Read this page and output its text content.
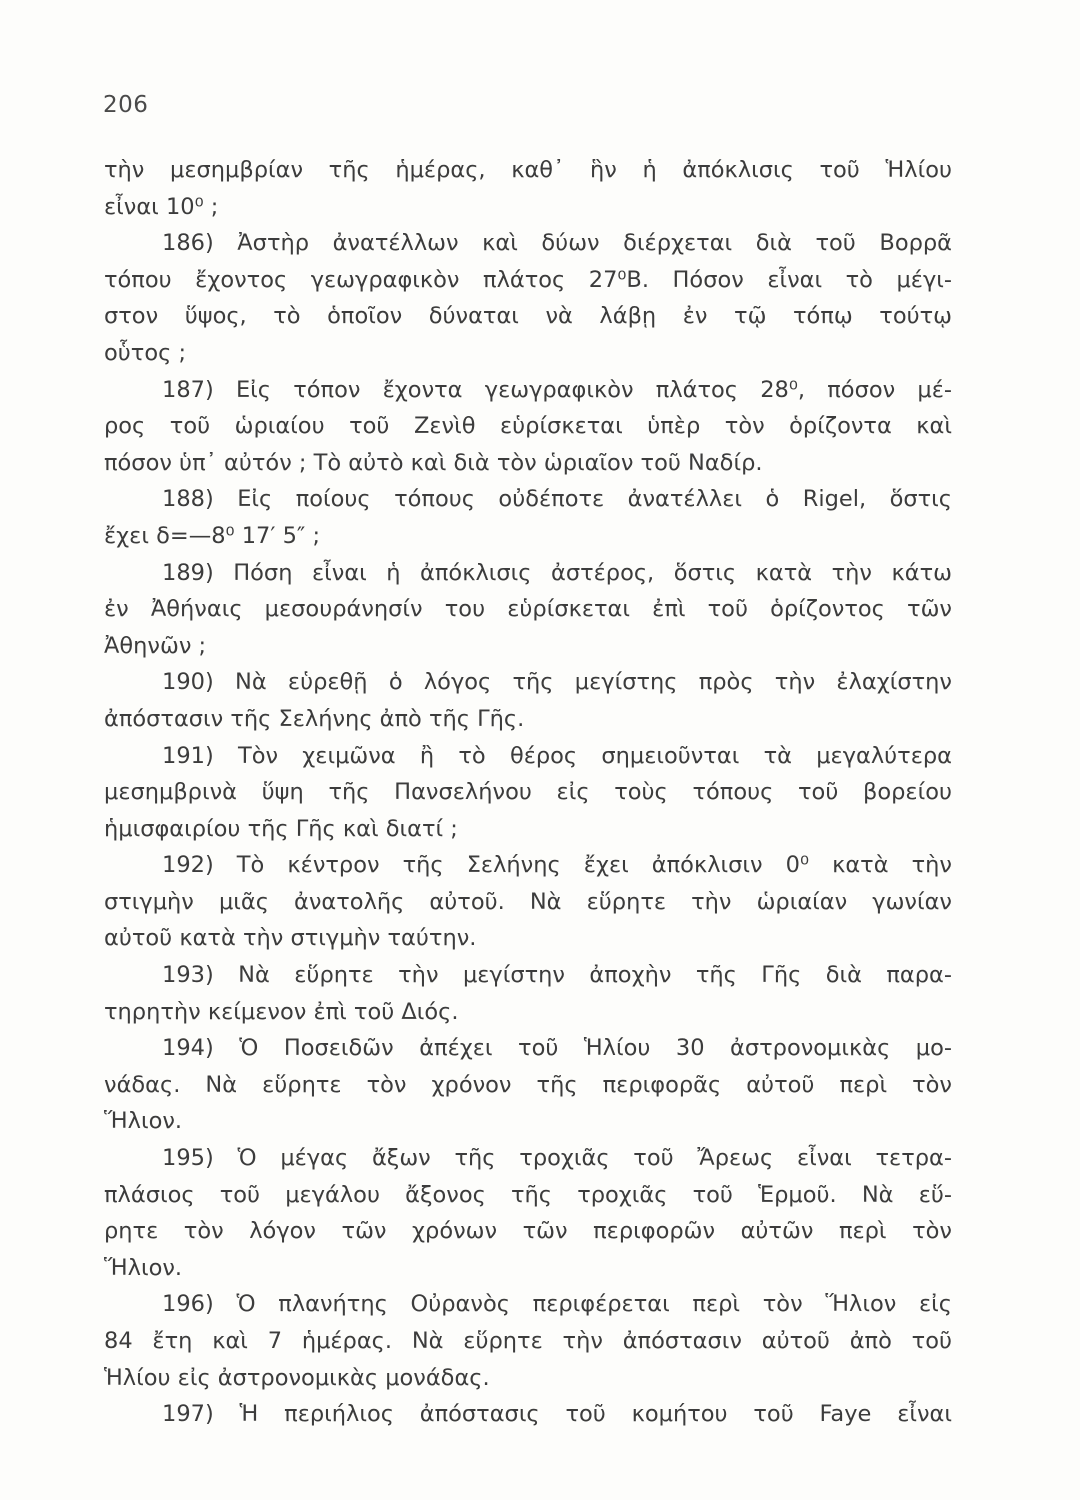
206
τὴν μεσημβρίαν τῆς ἡμέρας, καθ᾽ ἣν ἡ ἀπόκλισις τοῦ Ἡλίου
εἶναι 10⁰ ;
186) Ἀστὴρ ἀνατέλλων καὶ δύων διέρχεται διὰ τοῦ Βορρᾶ
τόπου ἔχοντος γεωγραφικὸν πλάτος 27⁰Β. Πόσον εἶναι τὸ μέγι-
στον ὕψος, τὸ ὁποῖον δύναται νὰ λάβῃ ἐν τῷ τόπῳ τούτῳ
οὗτος ;
187) Εἰς τόπον ἔχοντα γεωγραφικὸν πλάτος 28⁰, πόσον μέ-
ρος τοῦ ὡριαίου τοῦ Ζενὶθ εὑρίσκεται ὑπὲρ τὸν ὁρίζοντα καὶ
πόσον ὑπ᾽ αὐτόν ; Τὸ αὐτὸ καὶ διὰ τὸν ὡριαῖον τοῦ Ναδίρ.
188) Εἰς ποίους τόπους οὐδέποτε ἀνατέλλει ὁ Rigel, ὅστις
ἔχει δ=—8⁰ 17′ 5″ ;
189) Πόση εἶναι ἡ ἀπόκλισις ἀστέρος, ὅστις κατὰ τὴν κάτω
ἐν Ἀθήναις μεσουράνησίν του εὑρίσκεται ἐπὶ τοῦ ὁρίζοντος τῶν
Ἀθηνῶν ;
190) Νὰ εὑρεθῇ ὁ λόγος τῆς μεγίστης πρὸς τὴν ἐλαχίστην
ἀπόστασιν τῆς Σελήνης ἀπὸ τῆς Γῆς.
191) Τὸν χειμῶνα ἢ τὸ θέρος σημειοῦνται τὰ μεγαλύτερα
μεσημβρινὰ ὕψη τῆς Πανσελήνου εἰς τοὺς τόπους τοῦ βορείου
ἡμισφαιρίου τῆς Γῆς καὶ διατί ;
192) Τὸ κέντρον τῆς Σελήνης ἔχει ἀπόκλισιν 0⁰ κατὰ τὴν
στιγμὴν μιᾶς ἀνατολῆς αὐτοῦ. Νὰ εὕρητε τὴν ὡριαίαν γωνίαν
αὐτοῦ κατὰ τὴν στιγμὴν ταύτην.
193) Νὰ εὕρητε τὴν μεγίστην ἀποχὴν τῆς Γῆς διὰ παρα-
τηρητὴν κείμενον ἐπὶ τοῦ Διός.
194) Ὁ Ποσειδῶν ἀπέχει τοῦ Ἡλίου 30 ἀστρονομικὰς μο-
νάδας. Νὰ εὕρητε τὸν χρόνον τῆς περιφορᾶς αὐτοῦ περὶ τὸν
Ἥλιον.
195) Ὁ μέγας ἄξων τῆς τροχιᾶς τοῦ Ἄρεως εἶναι τετρα-
πλάσιος τοῦ μεγάλου ἄξονος τῆς τροχιᾶς τοῦ Ἑρμοῦ. Νὰ εὕ-
ρητε τὸν λόγον τῶν χρόνων τῶν περιφορῶν αὐτῶν περὶ τὸν
Ἥλιον.
196) Ὁ πλανήτης Οὐρανὸς περιφέρεται περὶ τὸν Ἥλιον εἰς
84 ἔτη καὶ 7 ἡμέρας. Νὰ εὕρητε τὴν ἀπόστασιν αὐτοῦ ἀπὸ τοῦ
Ἡλίου εἰς ἀστρονομικὰς μονάδας.
197) Ἡ περιήλιος ἀπόστασις τοῦ κομήτου τοῦ Faye εἶναι
